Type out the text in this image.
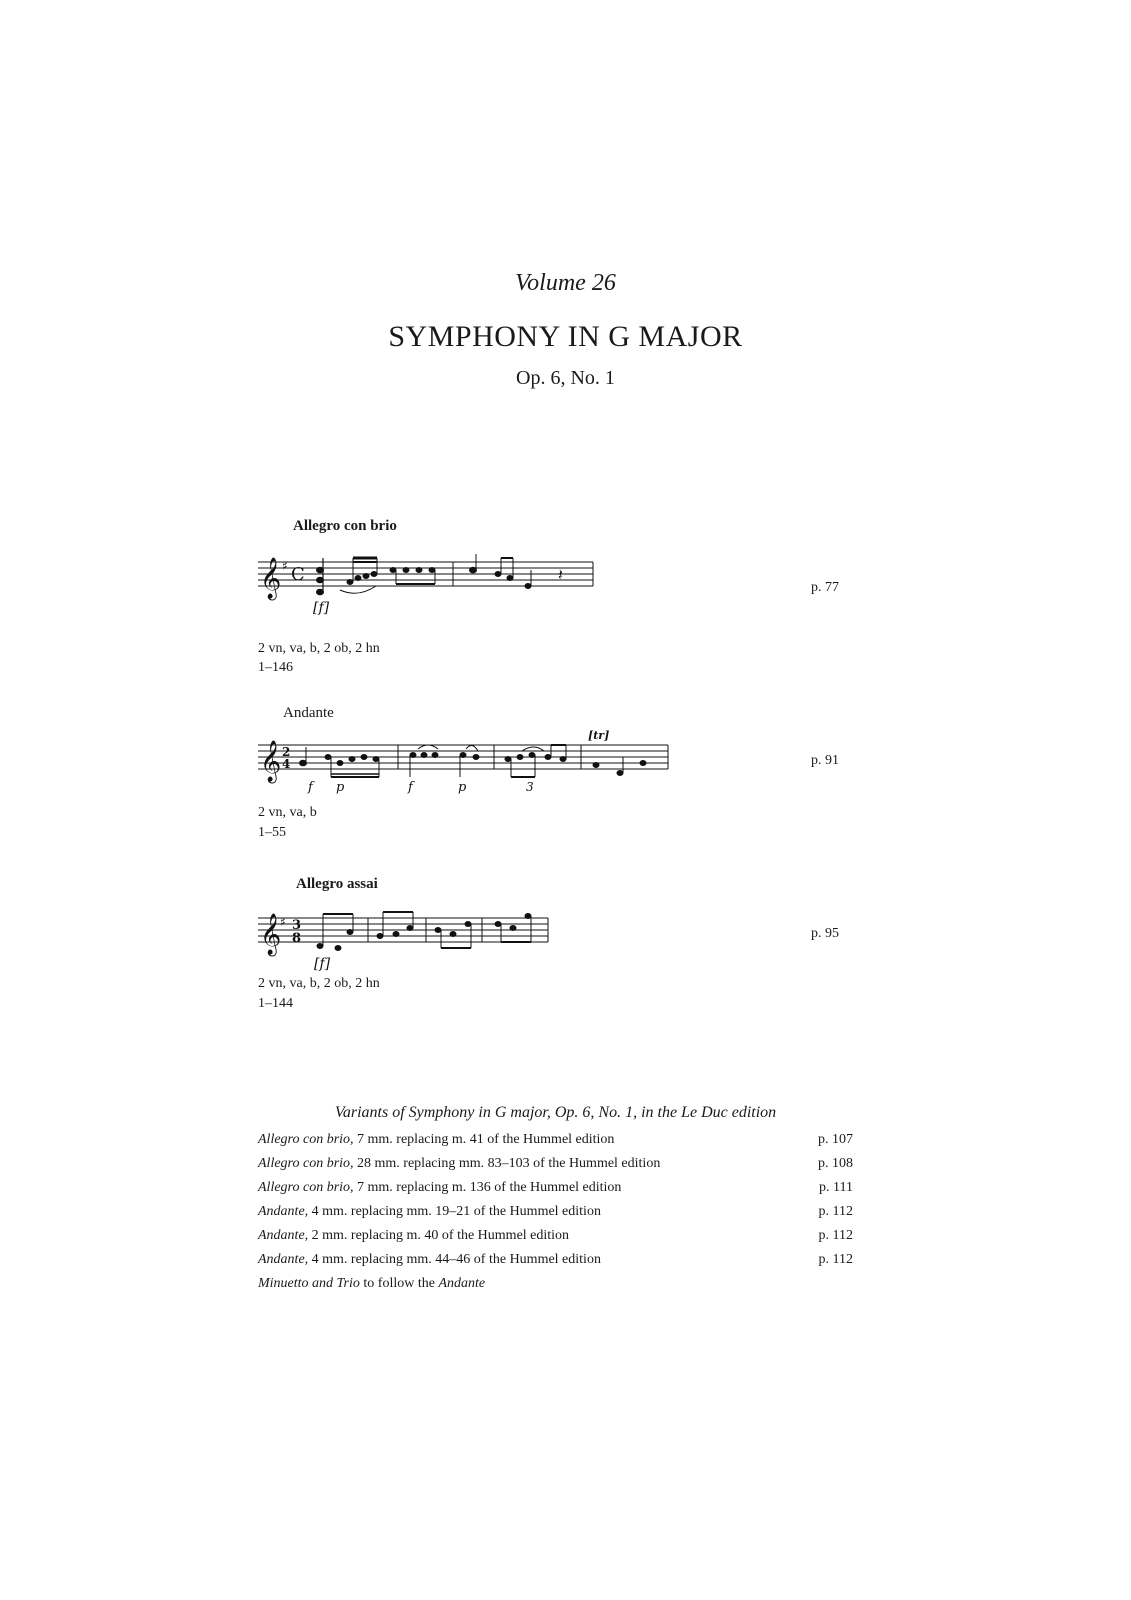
Volume 26
SYMPHONY IN G MAJOR
Op. 6, No. 1
Allegro con brio
𝄞 ♯ C	𝄽
[f]
p. 77
2 vn, va, b, 2 ob, 2 hn
1–146
Andante
𝄞 2
4
[tr]
f p	f	p	3
p. 91
2 vn, va, b
1–55
Allegro assai
𝄞
♯ 3
8
[f]
p. 95
2 vn, va, b, 2 ob, 2 hn
1–144
Variants of Symphony in G major, Op. 6, No. 1, in the Le Duc edition
Allegro con brio, 7 mm. replacing m. 41 of the Hummel edition	p. 107
Allegro con brio, 28 mm. replacing mm. 83–103 of the Hummel edition	p. 108
Allegro con brio, 7 mm. replacing m. 136 of the Hummel edition	p. 111
Andante, 4 mm. replacing mm. 19–21 of the Hummel edition	p. 112
Andante, 2 mm. replacing m. 40 of the Hummel edition	p. 112
Andante, 4 mm. replacing mm. 44–46 of the Hummel edition	p. 112
Minuetto and Trio to follow the Andante
